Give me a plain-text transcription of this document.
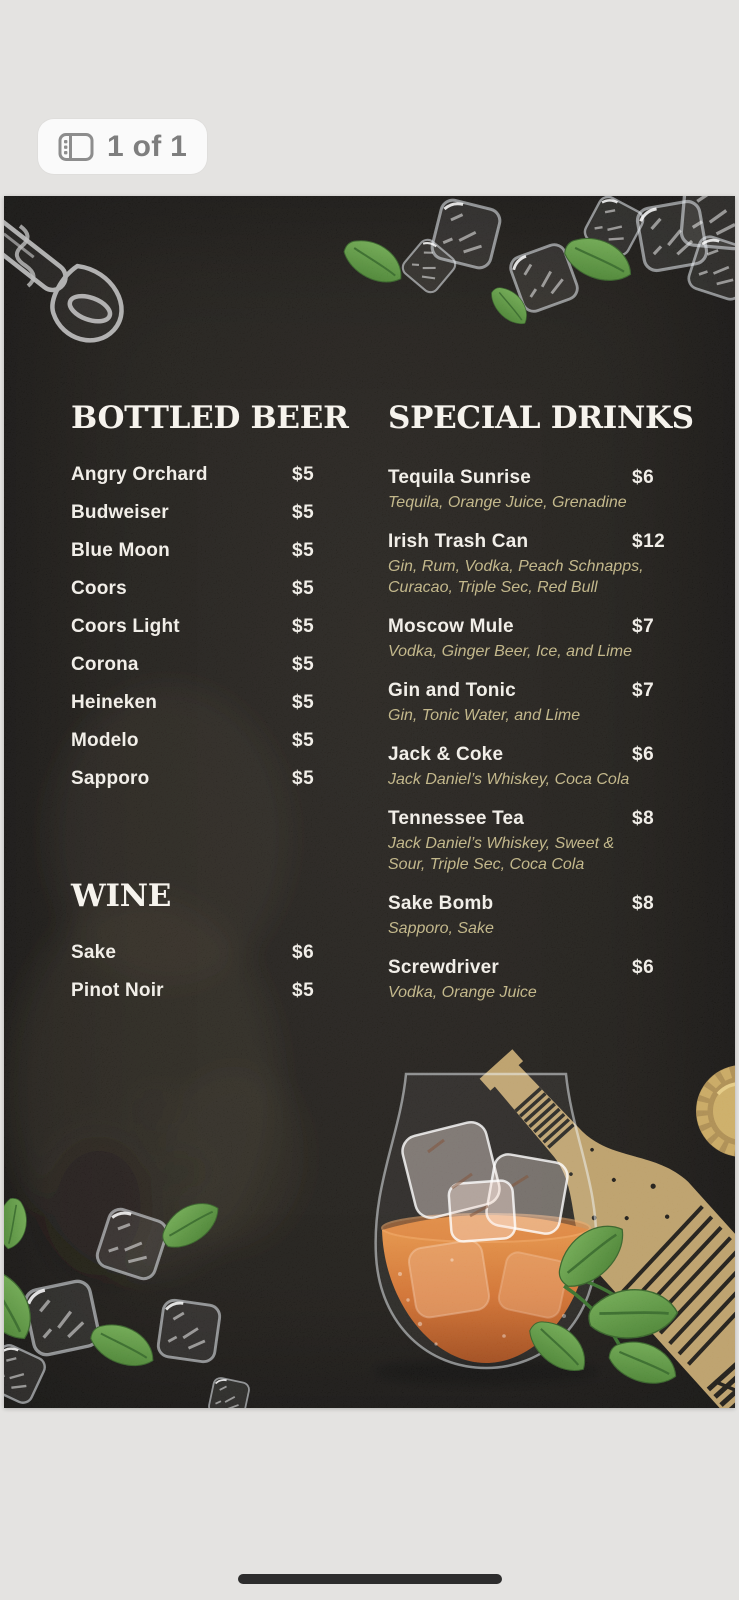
1 of 1
BOTTLED BEER
Angry Orchard	$5
Budweiser	$5
Blue Moon	$5
Coors	$5
Coors Light	$5
Corona	$5
Heineken	$5
Modelo	$5
Sapporo	$5
WINE
Sake	$6
Pinot Noir	$5
SPECIAL DRINKS
Tequila Sunrise	$6
Tequila, Orange Juice, Grenadine
Irish Trash Can	$12
Gin, Rum, Vodka, Peach Schnapps, Curacao, Triple Sec, Red Bull
Moscow Mule	$7
Vodka, Ginger Beer, Ice, and Lime
Gin and Tonic	$7
Gin, Tonic Water, and Lime
Jack & Coke	$6
Jack Daniel’s Whiskey, Coca Cola
Tennessee Tea	$8
Jack Daniel’s Whiskey, Sweet & Sour, Triple Sec, Coca Cola
Sake Bomb	$8
Sapporo, Sake
Screwdriver	$6
Vodka, Orange Juice
